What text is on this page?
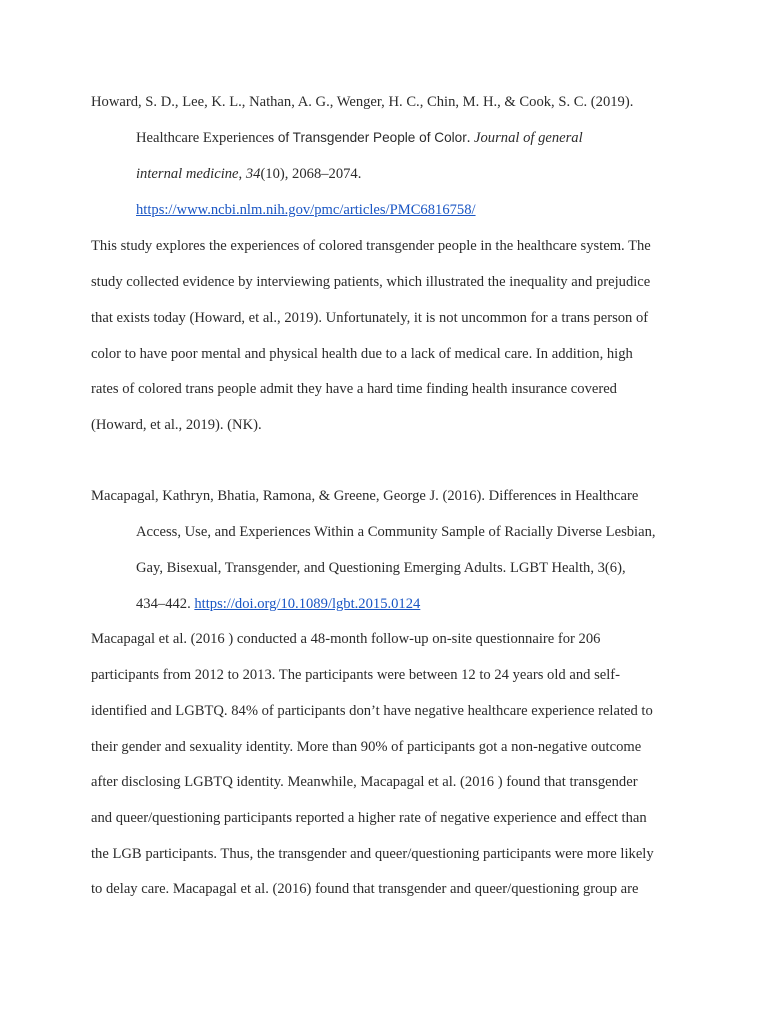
Howard, S. D., Lee, K. L., Nathan, A. G., Wenger, H. C., Chin, M. H., & Cook, S. C. (2019).
Healthcare Experiences of Transgender People of Color. Journal of general
internal medicine, 34(10), 2068–2074.
https://www.ncbi.nlm.nih.gov/pmc/articles/PMC6816758/
This study explores the experiences of colored transgender people in the healthcare system. The
study collected evidence by interviewing patients, which illustrated the inequality and prejudice
that exists today (Howard, et al., 2019). Unfortunately, it is not uncommon for a trans person of
color to have poor mental and physical health due to a lack of medical care. In addition, high
rates of colored trans people admit they have a hard time finding health insurance covered
(Howard, et al., 2019). (NK).
Macapagal, Kathryn, Bhatia, Ramona, & Greene, George J. (2016). Differences in Healthcare
Access, Use, and Experiences Within a Community Sample of Racially Diverse Lesbian,
Gay, Bisexual, Transgender, and Questioning Emerging Adults. LGBT Health, 3(6),
434–442. https://doi.org/10.1089/lgbt.2015.0124
Macapagal et al. (2016 ) conducted a 48-month follow-up on-site questionnaire for 206
participants from 2012 to 2013. The participants were between 12 to 24 years old and self-
identified and LGBTQ. 84% of participants don’t have negative healthcare experience related to
their gender and sexuality identity. More than 90% of participants got a non-negative outcome
after disclosing LGBTQ identity. Meanwhile, Macapagal et al. (2016 ) found that transgender
and queer/questioning participants reported a higher rate of negative experience and effect than
the LGB participants. Thus, the transgender and queer/questioning participants were more likely
to delay care. Macapagal et al. (2016) found that transgender and queer/questioning group are
